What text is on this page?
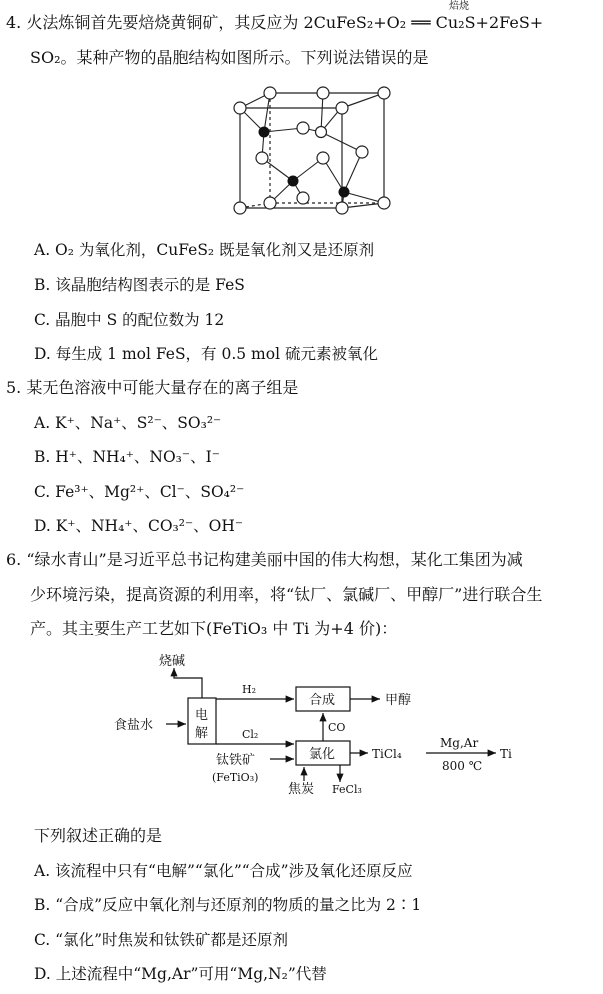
4. 火法炼铜首先要焙烧黄铜矿，其反应为 2CuFeS₂+O₂ ══ Cu₂S+2FeS+
焙烧
SO₂。某种产物的晶胞结构如图所示。下列说法错误的是
A. O₂ 为氧化剂，CuFeS₂ 既是氧化剂又是还原剂
B. 该晶胞结构图表示的是 FeS
C. 晶胞中 S 的配位数为 12
D. 每生成 1 mol FeS，有 0.5 mol 硫元素被氧化
5. 某无色溶液中可能大量存在的离子组是
A. K⁺、Na⁺、S²⁻、SO₃²⁻
B. H⁺、NH₄⁺、NO₃⁻、I⁻
C. Fe³⁺、Mg²⁺、Cl⁻、SO₄²⁻
D. K⁺、NH₄⁺、CO₃²⁻、OH⁻
6. “绿水青山”是习近平总书记构建美丽中国的伟大构想，某化工集团为减
少环境污染，提高资源的利用率，将“钛厂、氯碱厂、甲醇厂”进行联合生
产。其主要生产工艺如下(FeTiO₃ 中 Ti 为+4 价)：
烧碱
食盐水
电
解
H₂
Cl₂
合成	甲醇
CO
氯化	TiCl₄
Mg,Ar
800 ℃
Ti
钛铁矿
(FeTiO₃)
焦炭 FeCl₃
下列叙述正确的是
A. 该流程中只有“电解”“氯化”“合成”涉及氧化还原反应
B. “合成”反应中氧化剂与还原剂的物质的量之比为 2∶1
C. “氯化”时焦炭和钛铁矿都是还原剂
D. 上述流程中“Mg,Ar”可用“Mg,N₂”代替
